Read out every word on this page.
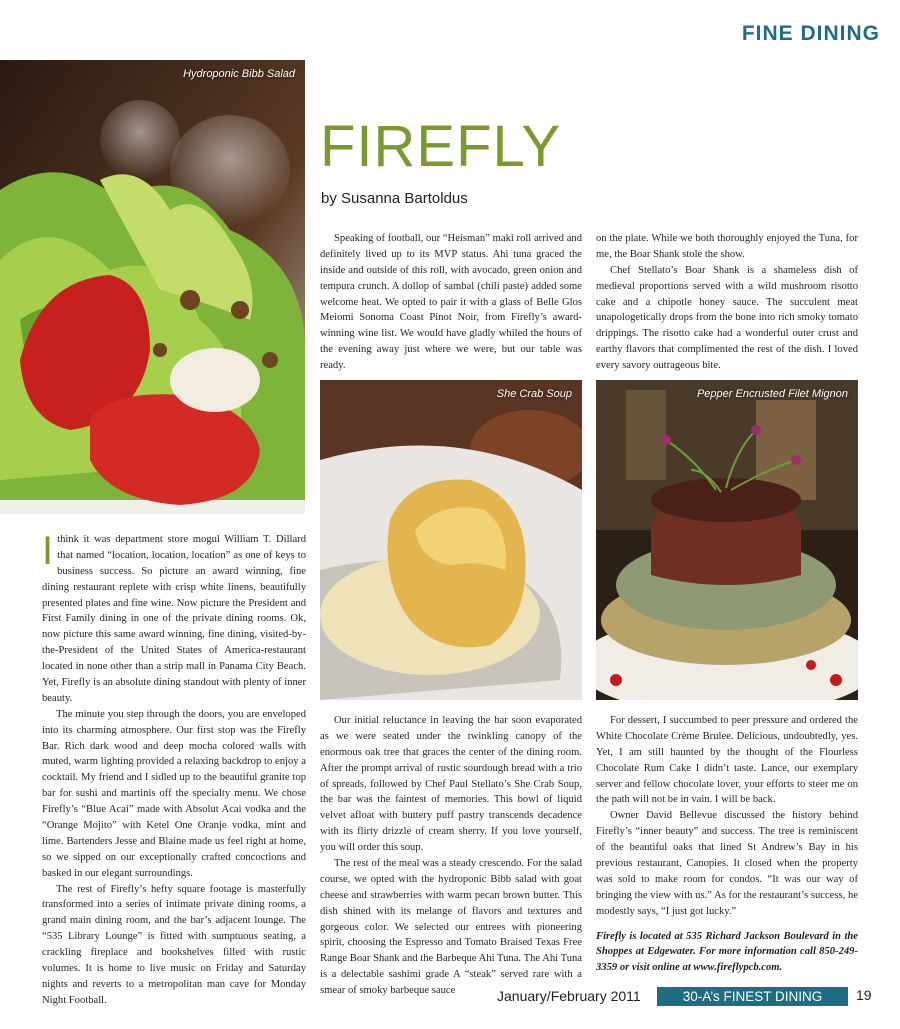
FINE DINING
Hydroponic Bibb Salad
FIREFLY
by Susanna Bartoldus

Ithink it was department store mogul William T. Dillard that named “location, location, location” as one of keys to business success. So picture an award winning, fine dining restaurant replete with crisp white linens, beautifully presented plates and fine wine. Now picture the President and First Family dining in one of the private dining rooms. Ok, now picture this same award winning, fine dining, visited-by-the-President of the United States of America-restaurant located in none other than a strip mall in Panama City Beach. Yet, Firefly is an absolute dining standout with plenty of inner beauty.

The minute you step through the doors, you are enveloped into its charming atmosphere. Our first stop was the Firefly Bar. Rich dark wood and deep mocha colored walls with muted, warm lighting provided a relaxing backdrop to enjoy a cocktail. My friend and I sidled up to the beautiful granite top bar for sushi and martinis off the specialty menu. We chose Firefly’s “Blue Acai” made with Absolut Acai vodka and the “Orange Mojito” with Ketel One Oranje vodka, mint and lime. Bartenders Jesse and Blaine made us feel right at home, so we sipped on our exceptionally crafted concoctions and basked in our elegant surroundings.

The rest of Firefly’s hefty square footage is masterfully transformed into a series of intimate private dining rooms, a grand main dining room, and the bar’s adjacent lounge. The “535 Library Lounge” is fitted with sumptuous seating, a crackling fireplace and bookshelves filled with rustic volumes. It is home to live music on Friday and Saturday nights and reverts to a metropolitan man cave for Monday Night Football.

Speaking of football, our “Heisman” maki roll arrived and definitely lived up to its MVP status. Ahi tuna graced the inside and outside of this roll, with avocado, green onion and tempura crunch. A dollop of sambal (chili paste) added some welcome heat. We opted to pair it with a glass of Belle Glos Meiomi Sonoma Coast Pinot Noir, from Firefly’s award-winning wine list. We would have gladly whiled the hours of the evening away just where we were, but our table was ready.

on the plate. While we both thoroughly enjoyed the Tuna, for me, the Boar Shank stole the show.

Chef Stellato’s Boar Shank is a shameless dish of medieval proportions served with a wild mushroom risotto cake and a chipotle honey sauce. The succulent meat unapologetically drops from the bone into rich smoky tomato drippings. The risotto cake had a wonderful outer crust and earthy flavors that complimented the rest of the dish. I loved every savory outrageous bite.

She Crab Soup	Pepper Encrusted Filet Mignon

Our initial reluctance in leaving the bar soon evaporated as we were seated under the twinkling canopy of the enormous oak tree that graces the center of the dining room. After the prompt arrival of rustic sourdough bread with a trio of spreads, followed by Chef Paul Stellato’s She Crab Soup, the bar was the faintest of memories. This bowl of liquid velvet afloat with buttery puff pastry transcends decadence with its flirty drizzle of cream sherry. If you love yourself, you will order this soup.

The rest of the meal was a steady crescendo. For the salad course, we opted with the hydroponic Bibb salad with goat cheese and strawberries with warm pecan brown butter. This dish shined with its melange of flavors and textures and gorgeous color. We selected our entrees with pioneering spirit, choosing the Espresso and Tomato Braised Texas Free Range Boar Shank and the Barbeque Ahi Tuna. The Ahi Tuna is a delectable sashimi grade A “steak” served rare with a smear of smoky barbeque sauce

For dessert, I succumbed to peer pressure and ordered the White Chocolate Crème Brulee. Delicious, undoubtedly, yes. Yet, I am still haunted by the thought of the Flourless Chocolate Rum Cake I didn’t taste. Lance, our exemplary server and fellow chocolate lover, your efforts to steer me on the path will not be in vain. I will be back.

Owner David Bellevue discussed the history behind Firefly’s “inner beauty” and success. The tree is reminiscent of the beautiful oaks that lined St Andrew’s Bay in his previous restaurant, Canopies. It closed when the property was sold to make room for condos. “It was our way of bringing the view with us.” As for the restaurant’s success, he modestly says, “I just got lucky.”

Firefly is located at 535 Richard Jackson Boulevard in the Shoppes at Edgewater. For more information call 850-249-3359 or visit online at www.fireflypcb.com.

January/February 2011	30-A’s FINEST DINING	19
